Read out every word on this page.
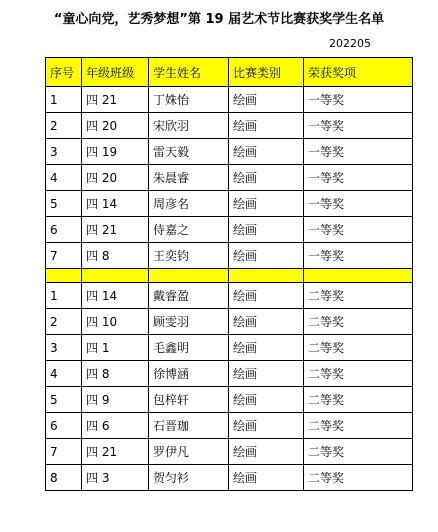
“童心向党，艺秀梦想”第 19 届艺术节比赛获奖学生名单
202205
序号	年级班级	学生姓名	比赛类别	荣获奖项
1	四 21	丁姝怡	绘画	一等奖
2	四 20	宋欣羽	绘画	一等奖
3	四 19	雷天毅	绘画	一等奖
4	四 20	朱晨睿	绘画	一等奖
5	四 14	周彦名	绘画	一等奖
6	四 21	侍嘉之	绘画	一等奖
7	四 8	王奕钧	绘画	一等奖

1	四 14	戴睿盈	绘画	二等奖
2	四 10	顾雯羽	绘画	二等奖
3	四 1	毛鑫明	绘画	二等奖
4	四 8	徐博涵	绘画	二等奖
5	四 9	包梓轩	绘画	二等奖
6	四 6	石晋珈	绘画	二等奖
7	四 21	罗伊凡	绘画	二等奖
8	四 3	贺匀衫	绘画	二等奖
